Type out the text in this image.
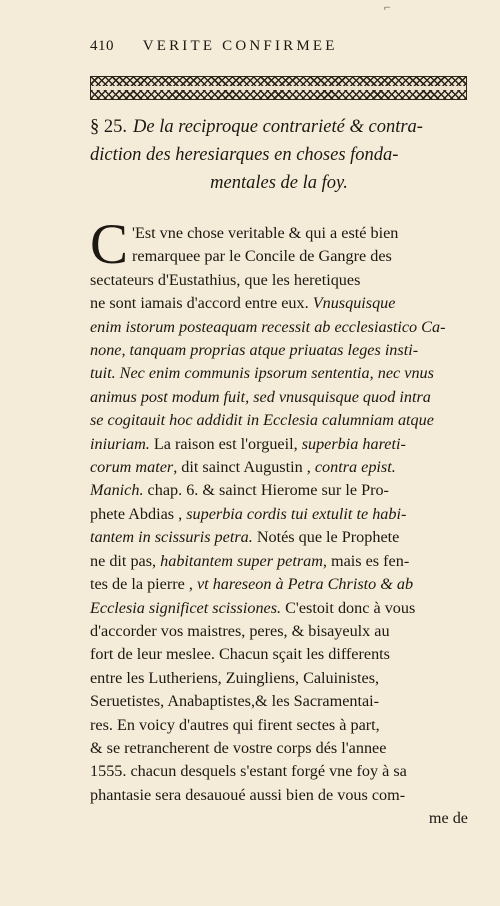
⌐
410 VERITE CONFIRMEE
§ 25. De la reciproque contrarieté & contra-
diction des heresiarques en choses fonda-
mentales de la foy.
C 'Est vne chose veritable & qui a esté bien
remarquee par le Concile de Gangre des
sectateurs d'Eustathius, que les heretiques
ne sont iamais d'accord entre eux. Vnusquisque
enim istorum posteaquam recessit ab ecclesiastico Ca-
none, tanquam proprias atque priuatas leges insti-
tuit. Nec enim communis ipsorum sententia, nec vnus
animus post modum fuit, sed vnusquisque quod intra
se cogitauit hoc addidit in Ecclesia calumniam atque
iniuriam. La raison est l'orgueil, superbia hareti-
corum mater, dit sainct Augustin , contra epist.
Manich. chap. 6. & sainct Hierome sur le Pro-
phete Abdias , superbia cordis tui extulit te habi-
tantem in scissuris petra. Notés que le Prophete
ne dit pas, habitantem super petram, mais es fen-
tes de la pierre , vt hareseon à Petra Christo & ab
Ecclesia significet scissiones. C'estoit donc à vous
d'accorder vos maistres, peres, & bisayeulx au
fort de leur meslee. Chacun sçait les differents
entre les Lutheriens, Zuingliens, Caluinistes,
Seruetistes, Anabaptistes,& les Sacramentai-
res. En voicy d'autres qui firent sectes à part,
& se retrancherent de vostre corps dés l'annee
1555. chacun desquels s'estant forgé vne foy à sa
phantasie sera desauoué aussi bien de vous com-
me de
